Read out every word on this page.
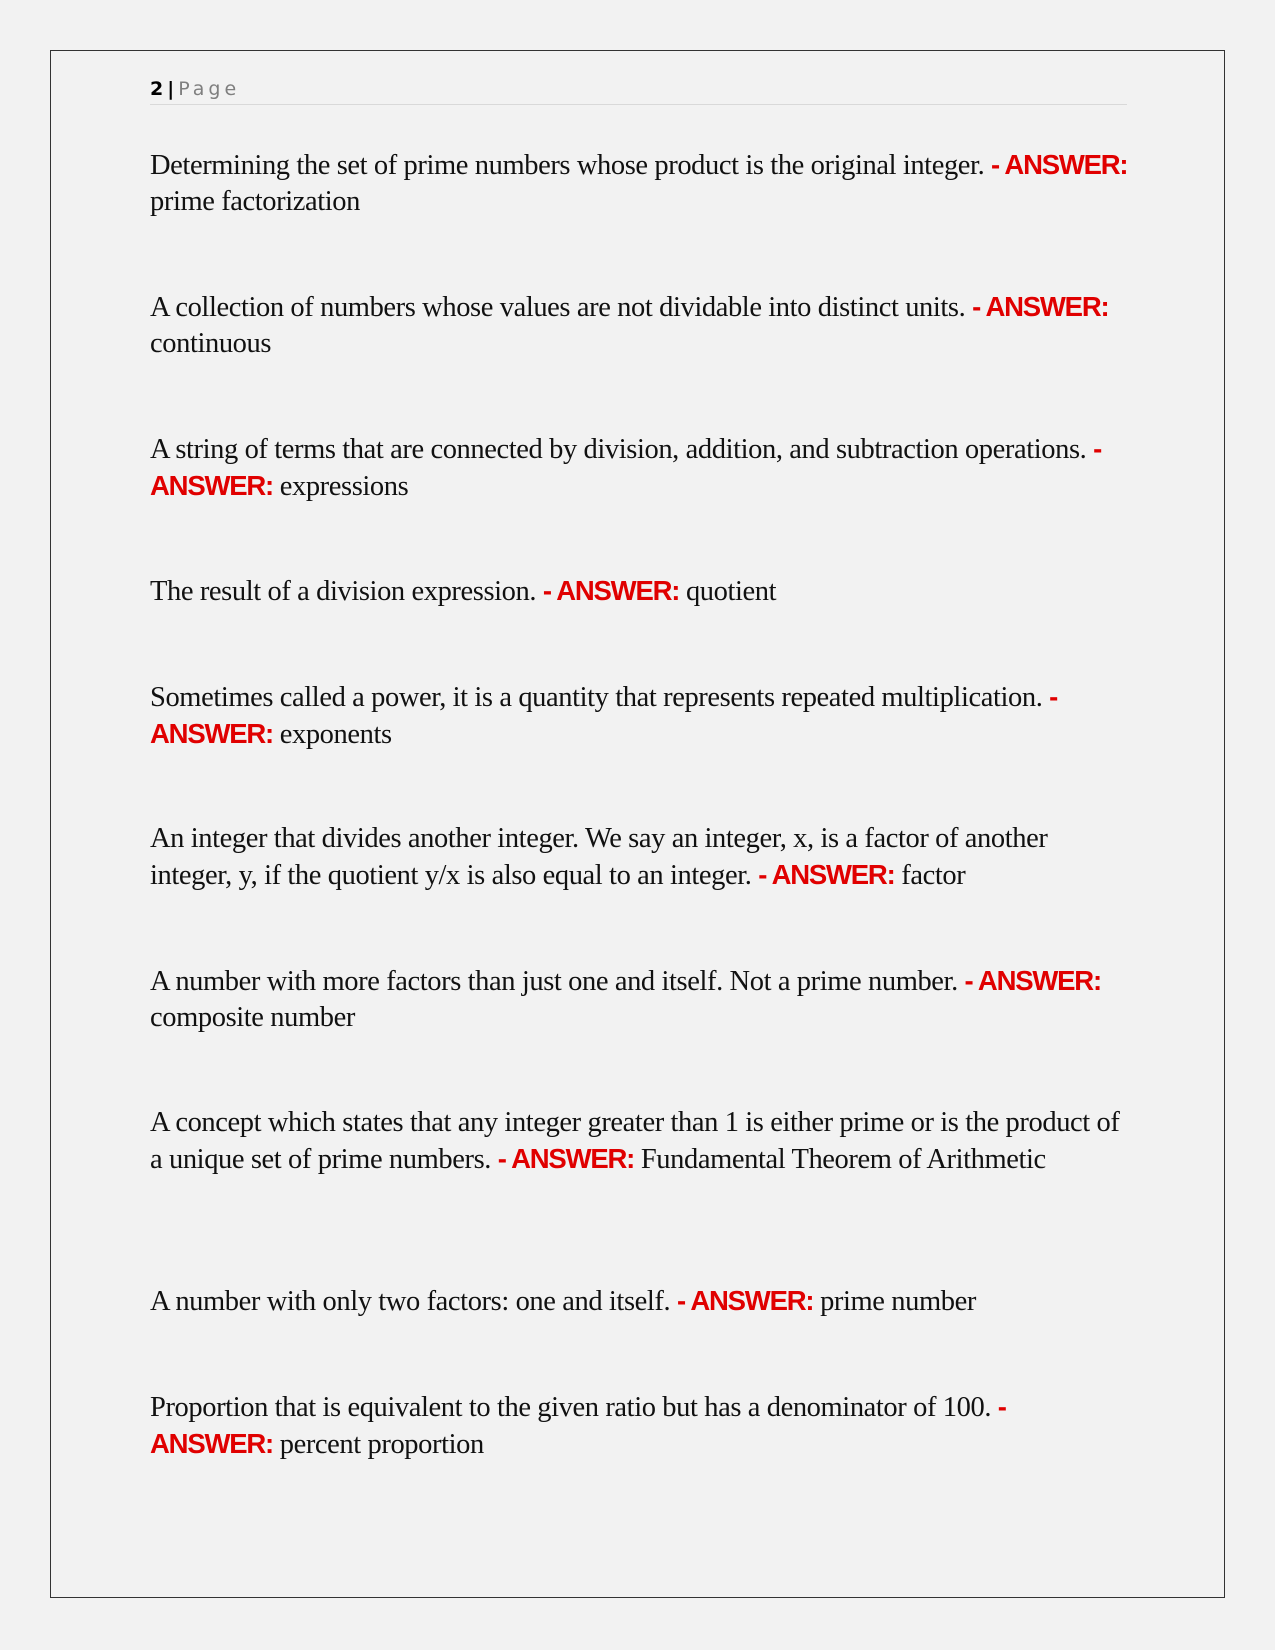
2 | Page
Determining the set of prime numbers whose product is the original integer. - ANSWER: prime factorization
A collection of numbers whose values are not dividable into distinct units. - ANSWER: continuous
A string of terms that are connected by division, addition, and subtraction operations. - ANSWER: expressions
The result of a division expression. - ANSWER: quotient
Sometimes called a power, it is a quantity that represents repeated multiplication. - ANSWER: exponents
An integer that divides another integer. We say an integer, x, is a factor of another integer, y, if the quotient y/x is also equal to an integer. - ANSWER: factor
A number with more factors than just one and itself. Not a prime number. - ANSWER: composite number
A concept which states that any integer greater than 1 is either prime or is the product of a unique set of prime numbers. - ANSWER: Fundamental Theorem of Arithmetic
A number with only two factors: one and itself. - ANSWER: prime number
Proportion that is equivalent to the given ratio but has a denominator of 100. - ANSWER: percent proportion
